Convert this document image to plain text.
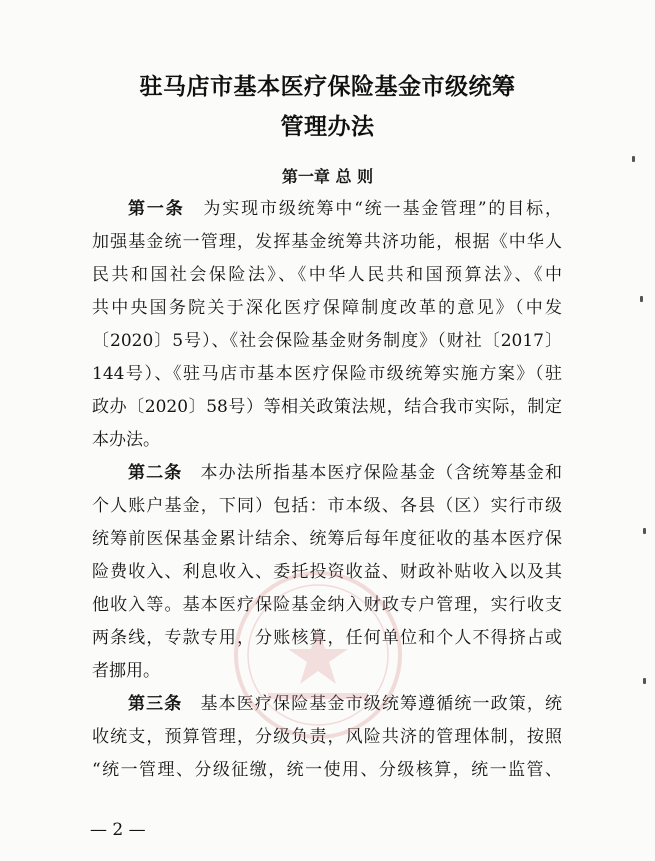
驻马店市基本医疗保险基金市级统筹
管理办法
第一章 总 则
第一条  为实现市级统筹中“统一基金管理”的目标，
加强基金统一管理，发挥基金统筹共济功能，根据《中华人
民共和国社会保险法》、《中华人民共和国预算法》、《中
共中央国务院关于深化医疗保障制度改革的意见》（中发
〔2020〕5号）、《社会保险基金财务制度》（财社〔2017〕
144号）、《驻马店市基本医疗保险市级统筹实施方案》（驻
政办〔2020〕58号）等相关政策法规，结合我市实际，制定
本办法。
第二条  本办法所指基本医疗保险基金（含统筹基金和
个人账户基金，下同）包括：市本级、各县（区）实行市级
统筹前医保基金累计结余、统筹后每年度征收的基本医疗保
险费收入、利息收入、委托投资收益、财政补贴收入以及其
他收入等。基本医疗保险基金纳入财政专户管理，实行收支
两条线，专款专用，分账核算，任何单位和个人不得挤占或
者挪用。
第三条  基本医疗保险基金市级统筹遵循统一政策，统
收统支，预算管理，分级负责，风险共济的管理体制，按照
“统一管理、分级征缴，统一使用、分级核算，统一监管、
— 2 —
